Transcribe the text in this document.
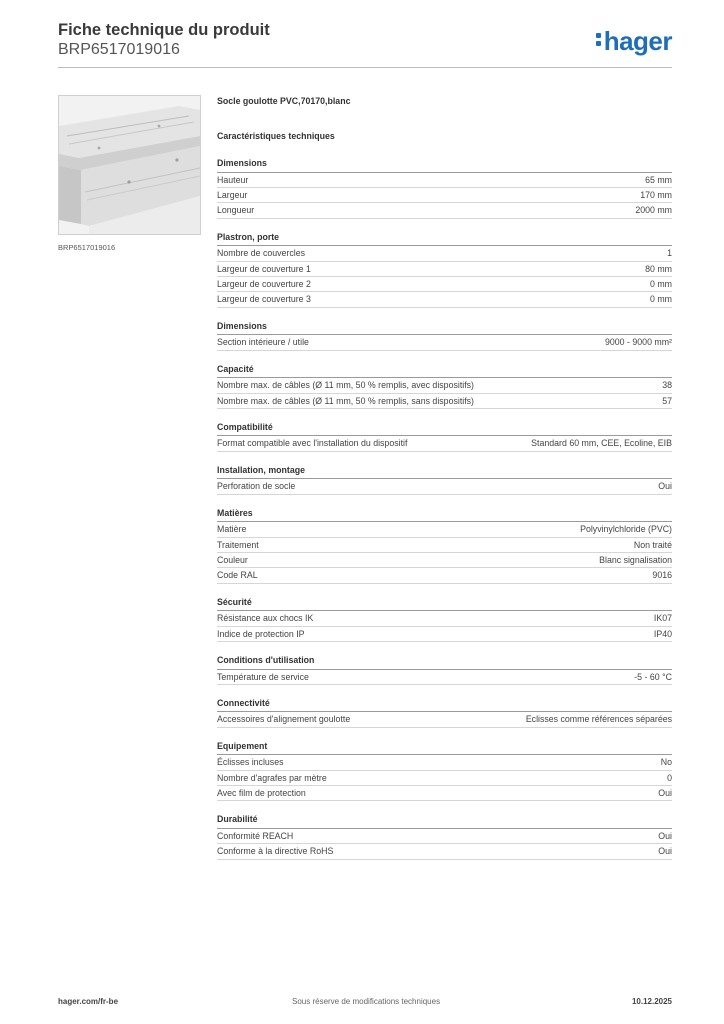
Fiche technique du produit
BRP6517019016	hager
BRP6517019016
Socle goulotte PVC,70170,blanc
Caractéristiques techniques
Dimensions
Hauteur	65 mm
Largeur	170 mm
Longueur	2000 mm
Plastron, porte
Nombre de couvercles	1
Largeur de couverture 1	80 mm
Largeur de couverture 2	0 mm
Largeur de couverture 3	0 mm
Dimensions
Section intérieure / utile	9000 - 9000 mm²
Capacité
Nombre max. de câbles (Ø 11 mm, 50 % remplis, avec dispositifs)	38
Nombre max. de câbles (Ø 11 mm, 50 % remplis, sans dispositifs)	57
Compatibilité
Format compatible avec l'installation du dispositif	Standard 60 mm, CEE, Ecoline, EIB
Installation, montage
Perforation de socle	Oui
Matières
Matière	Polyvinylchloride (PVC)
Traitement	Non traité
Couleur	Blanc signalisation
Code RAL	9016
Sécurité
Résistance aux chocs IK	IK07
Indice de protection IP	IP40
Conditions d'utilisation
Température de service	-5 - 60 °C
Connectivité
Accessoires d'alignement goulotte	Eclisses comme références séparées
Equipement
Éclisses incluses	No
Nombre d'agrafes par mètre	0
Avec film de protection	Oui
Durabilité
Conformité REACH	Oui
Conforme à la directive RoHS	Oui
hager.com/fr-be	Sous réserve de modifications techniques	10.12.2025
